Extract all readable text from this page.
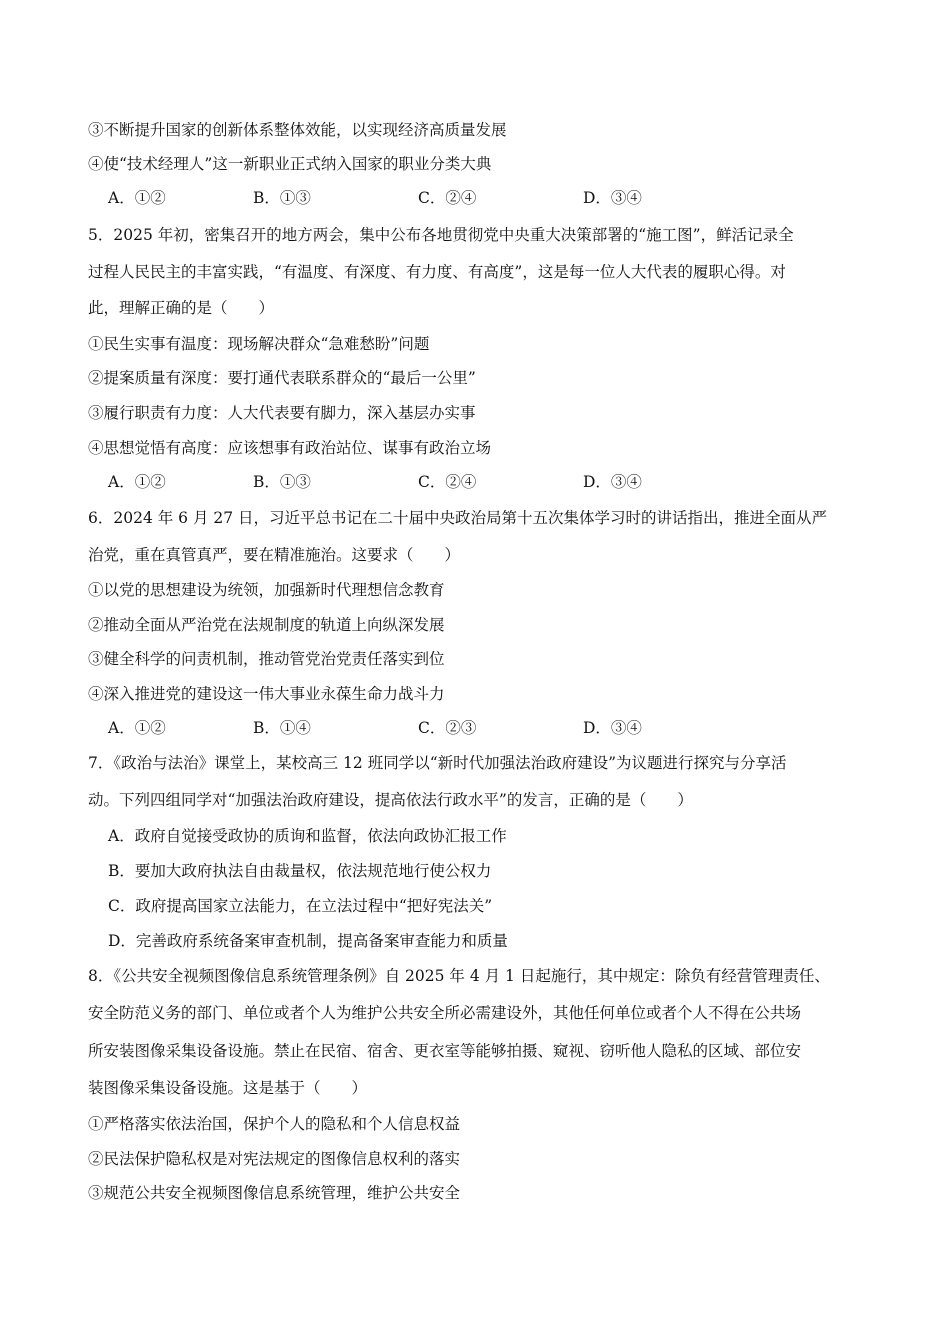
③不断提升国家的创新体系整体效能，以实现经济高质量发展
④使“技术经理人”这一新职业正式纳入国家的职业分类大典
A．①②	B．①③	C．②④	D．③④
5．2025 年初，密集召开的地方两会，集中公布各地贯彻党中央重大决策部署的“施工图”，鲜活记录全
过程人民民主的丰富实践，“有温度、有深度、有力度、有高度”，这是每一位人大代表的履职心得。对
此，理解正确的是（　　）
①民生实事有温度：现场解决群众“急难愁盼”问题
②提案质量有深度：要打通代表联系群众的“最后一公里”
③履行职责有力度：人大代表要有脚力，深入基层办实事
④思想觉悟有高度：应该想事有政治站位、谋事有政治立场
A．①②	B．①③	C．②④	D．③④
6．2024 年 6 月 27 日，习近平总书记在二十届中央政治局第十五次集体学习时的讲话指出，推进全面从严
治党，重在真管真严，要在精准施治。这要求（　　）
①以党的思想建设为统领，加强新时代理想信念教育
②推动全面从严治党在法规制度的轨道上向纵深发展
③健全科学的问责机制，推动管党治党责任落实到位
④深入推进党的建设这一伟大事业永葆生命力战斗力
A．①②	B．①④	C．②③	D．③④
7．《政治与法治》课堂上，某校高三 12 班同学以“新时代加强法治政府建设”为议题进行探究与分享活
动。下列四组同学对“加强法治政府建设，提高依法行政水平”的发言，正确的是（　　）
A．政府自觉接受政协的质询和监督，依法向政协汇报工作
B．要加大政府执法自由裁量权，依法规范地行使公权力
C．政府提高国家立法能力，在立法过程中“把好宪法关”
D．完善政府系统备案审查机制，提高备案审查能力和质量
8．《公共安全视频图像信息系统管理条例》自 2025 年 4 月 1 日起施行，其中规定：除负有经营管理责任、
安全防范义务的部门、单位或者个人为维护公共安全所必需建设外，其他任何单位或者个人不得在公共场
所安装图像采集设备设施。禁止在民宿、宿舍、更衣室等能够拍摄、窥视、窃听他人隐私的区域、部位安
装图像采集设备设施。这是基于（　　）
①严格落实依法治国，保护个人的隐私和个人信息权益
②民法保护隐私权是对宪法规定的图像信息权利的落实
③规范公共安全视频图像信息系统管理，维护公共安全
